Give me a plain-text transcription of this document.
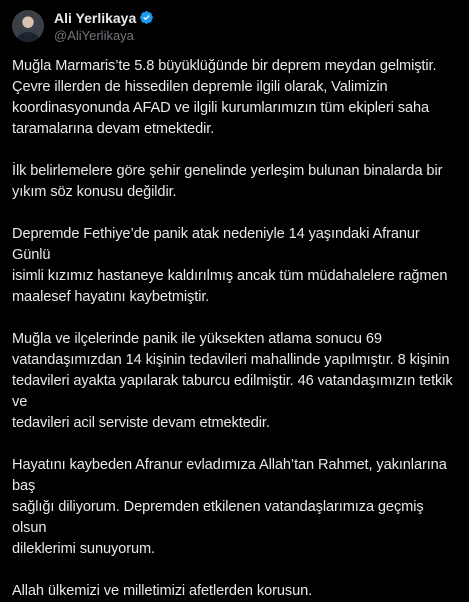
Ali Yerlikaya
@AliYerlikaya

Muğla Marmaris’te 5.8 büyüklüğünde bir deprem meydan gelmiştir.
Çevre illerden de hissedilen depremle ilgili olarak, Valimizin
koordinasyonunda AFAD ve ilgili kurumlarımızın tüm ekipleri saha
taramalarına devam etmektedir.

İlk belirlemelere göre şehir genelinde yerleşim bulunan binalarda bir
yıkım söz konusu değildir.

Depremde Fethiye’de panik atak nedeniyle 14 yaşındaki Afranur Günlü
isimli kızımız hastaneye kaldırılmış ancak tüm müdahalelere rağmen
maalesef hayatını kaybetmiştir.

Muğla ve ilçelerinde panik ile yüksekten atlama sonucu 69
vatandaşımızdan 14 kişinin tedavileri mahallinde yapılmıştır. 8 kişinin
tedavileri ayakta yapılarak taburcu edilmiştir. 46 vatandaşımızın tetkik ve
tedavileri acil serviste devam etmektedir.

Hayatını kaybeden Afranur evladımıza Allah’tan Rahmet, yakınlarına baş
sağlığı diliyorum. Depremden etkilenen vatandaşlarımıza geçmiş olsun
dileklerimi sunuyorum.

Allah ülkemizi ve milletimizi afetlerden korusun.
